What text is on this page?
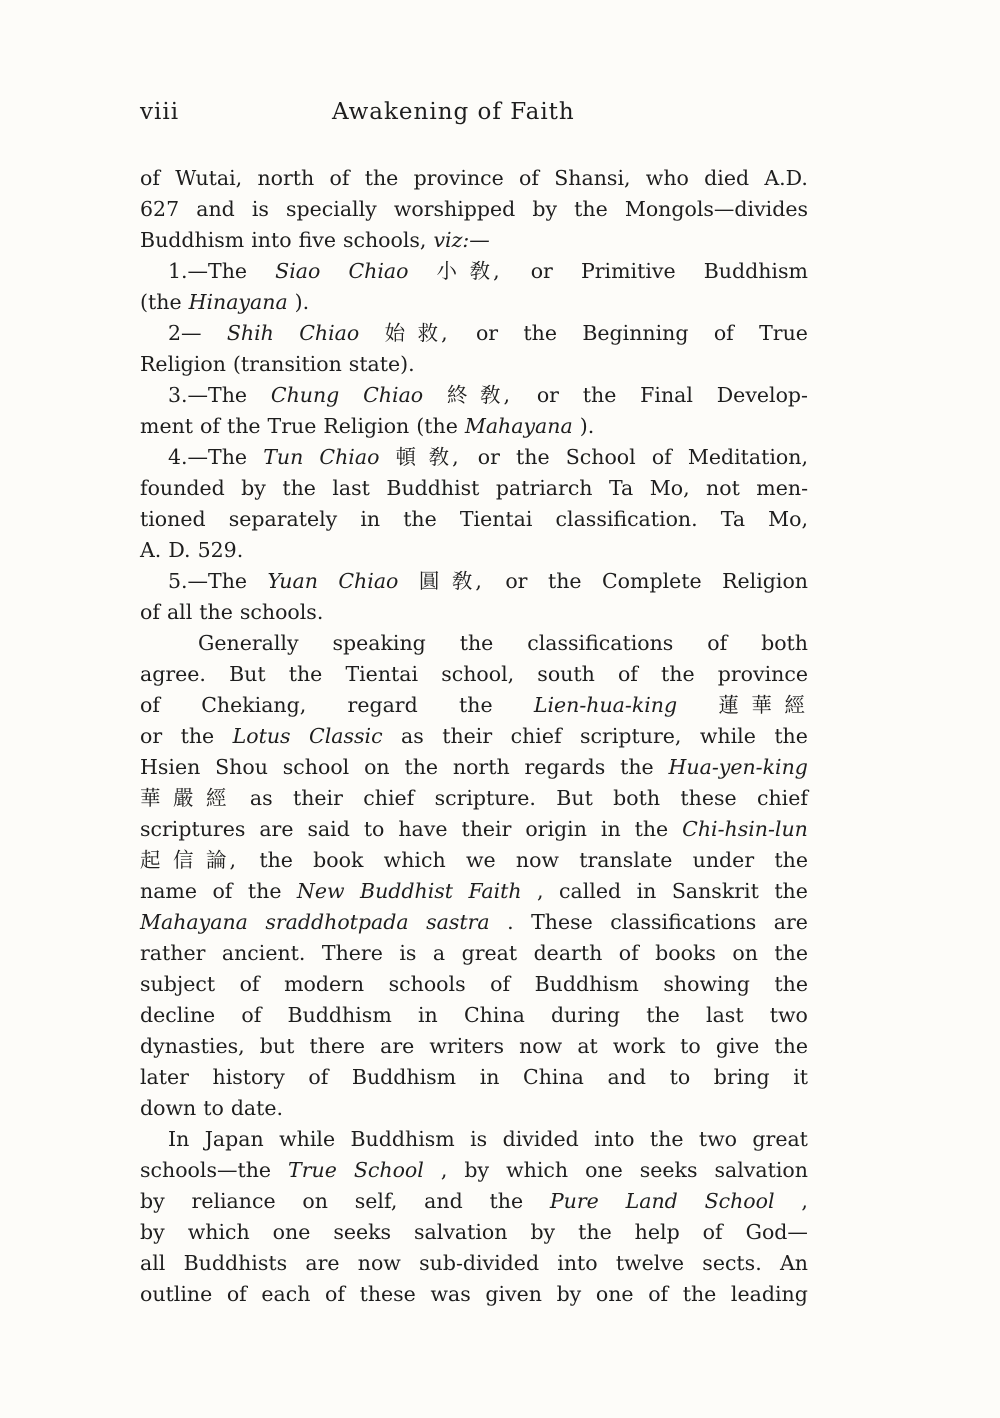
viii	Awakening of Faith
of Wutai, north of the province of Shansi, who died A.D.
627 and is specially worshipped by the Mongols—divides
Buddhism into five schools, viz:—
1.—The Siao Chiao 小 敎, or Primitive Buddhism
(the Hinayana ).
2— Shih Chiao 始 救, or the Beginning of True
Religion (transition state).
3.—The Chung Chiao 終 敎, or the Final Develop-
ment of the True Religion (the Mahayana ).
4.—The Tun Chiao 頓 敎, or the School of Meditation,
founded by the last Buddhist patriarch Ta Mo, not men-
tioned separately in the Tientai classification. Ta Mo,
A. D. 529.
5.—The Yuan Chiao 圓 敎, or the Complete Religion
of all the schools.
Generally speaking the classifications of both
agree. But the Tientai school, south of the province
of Chekiang, regard the Lien-hua-king 蓮 華 經
or the Lotus Classic as their chief scripture, while the
Hsien Shou school on the north regards the Hua-yen-king
華 嚴 經 as their chief scripture. But both these chief
scriptures are said to have their origin in the Chi-hsin-lun
起 信 論, the book which we now translate under the
name of the New Buddhist Faith , called in Sanskrit the
Mahayana sraddhotpada sastra . These classifications are
rather ancient. There is a great dearth of books on the
subject of modern schools of Buddhism showing the
decline of Buddhism in China during the last two
dynasties, but there are writers now at work to give the
later history of Buddhism in China and to bring it
down to date.
In Japan while Buddhism is divided into the two great
schools—the True School , by which one seeks salvation
by reliance on self, and the Pure Land School ,
by which one seeks salvation by the help of God—
all Buddhists are now sub-divided into twelve sects. An
outline of each of these was given by one of the leading
